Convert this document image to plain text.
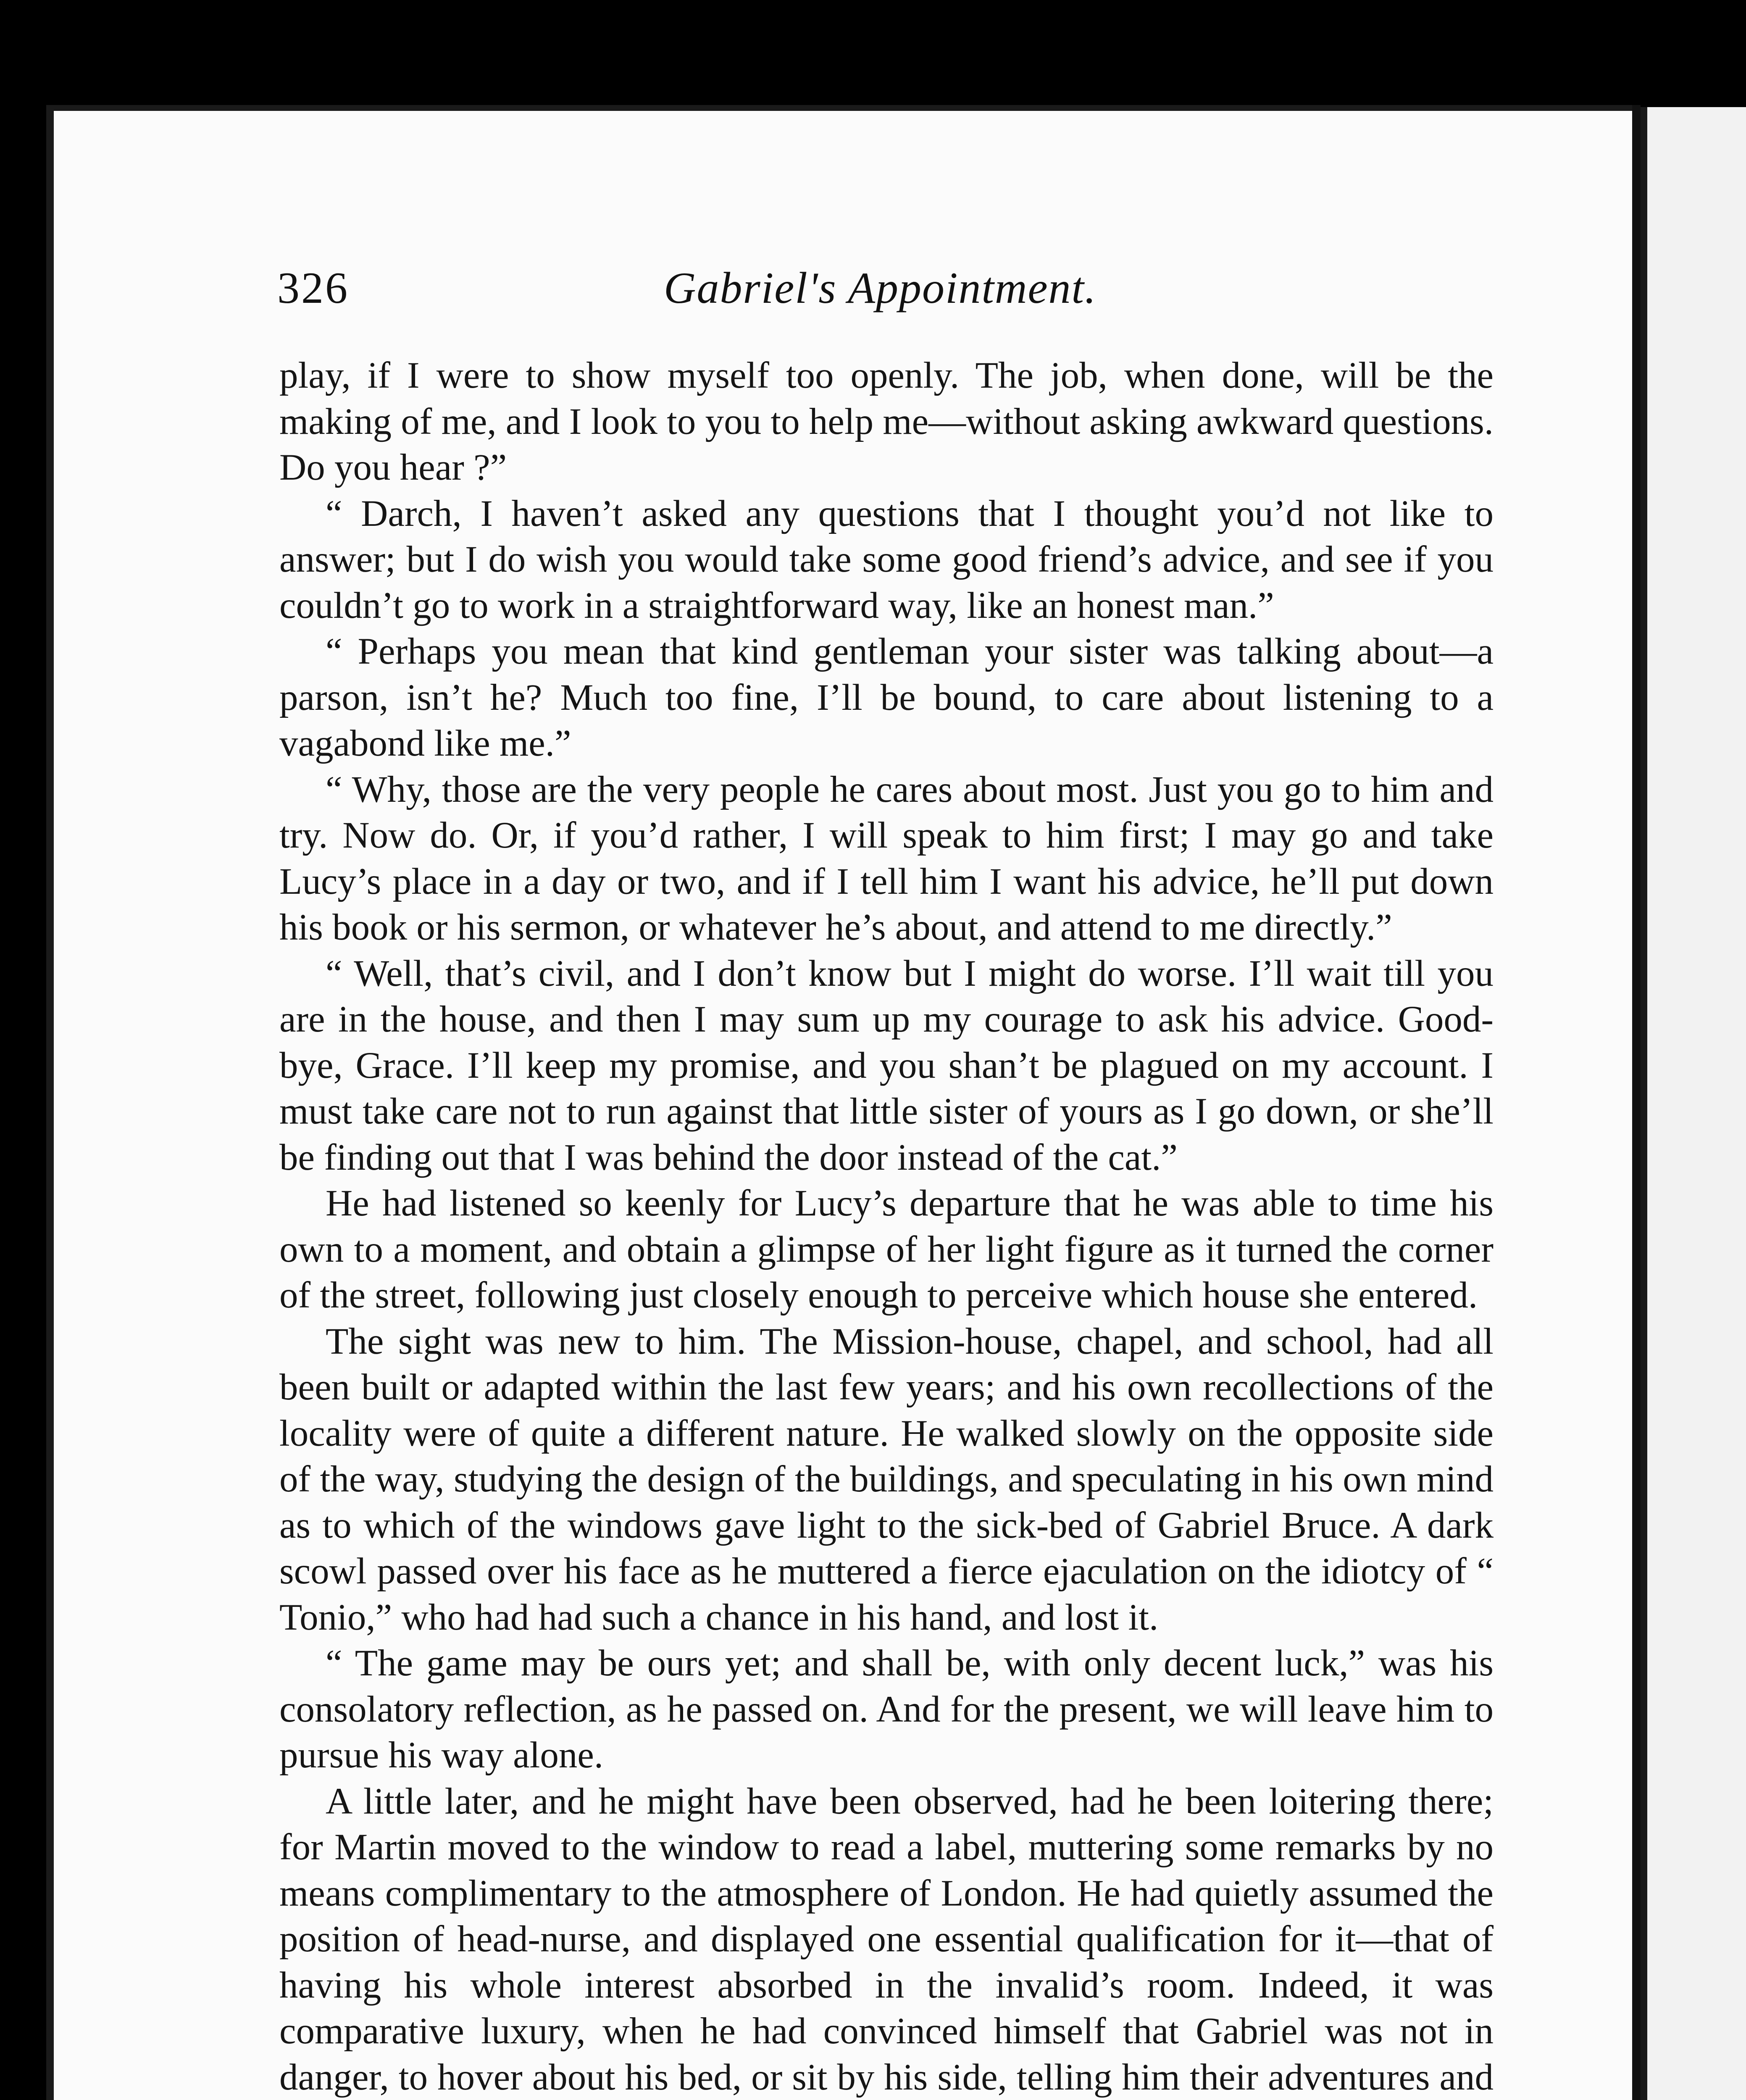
326	Gabriel's Appointment.

play, if I were to show myself too openly. The job, when done, will be the making of me, and I look to you to help me—without asking awkward questions. Do you hear ?”

“ Darch, I haven’t asked any questions that I thought you’d not like to answer; but I do wish you would take some good friend’s advice, and see if you couldn’t go to work in a straightforward way, like an honest man.”

“ Perhaps you mean that kind gentleman your sister was talking about—a parson, isn’t he? Much too fine, I’ll be bound, to care about listening to a vagabond like me.”

“ Why, those are the very people he cares about most. Just you go to him and try. Now do. Or, if you’d rather, I will speak to him first; I may go and take Lucy’s place in a day or two, and if I tell him I want his advice, he’ll put down his book or his sermon, or whatever he’s about, and attend to me directly.”

“ Well, that’s civil, and I don’t know but I might do worse. I’ll wait till you are in the house, and then I may sum up my courage to ask his advice. Good-bye, Grace. I’ll keep my promise, and you shan’t be plagued on my account. I must take care not to run against that little sister of yours as I go down, or she’ll be finding out that I was behind the door instead of the cat.”

He had listened so keenly for Lucy’s departure that he was able to time his own to a moment, and obtain a glimpse of her light figure as it turned the corner of the street, following just closely enough to perceive which house she entered.

The sight was new to him. The Mission-house, chapel, and school, had all been built or adapted within the last few years; and his own recollections of the locality were of quite a different nature. He walked slowly on the opposite side of the way, studying the design of the buildings, and speculating in his own mind as to which of the windows gave light to the sick-bed of Gabriel Bruce. A dark scowl passed over his face as he muttered a fierce ejaculation on the idiotcy of “ Tonio,” who had had such a chance in his hand, and lost it.

“ The game may be ours yet; and shall be, with only decent luck,” was his consolatory reflection, as he passed on. And for the present, we will leave him to pursue his way alone.

A little later, and he might have been observed, had he been loitering there; for Martin moved to the window to read a label, muttering some remarks by no means complimentary to the atmosphere of London. He had quietly assumed the position of head-nurse, and displayed one essential qualification for it—that of having his whole interest absorbed in the invalid’s room. Indeed, it was comparative luxury, when he had convinced himself that Gabriel was not in danger, to hover about his bed, or sit by his side, telling him their adventures and
